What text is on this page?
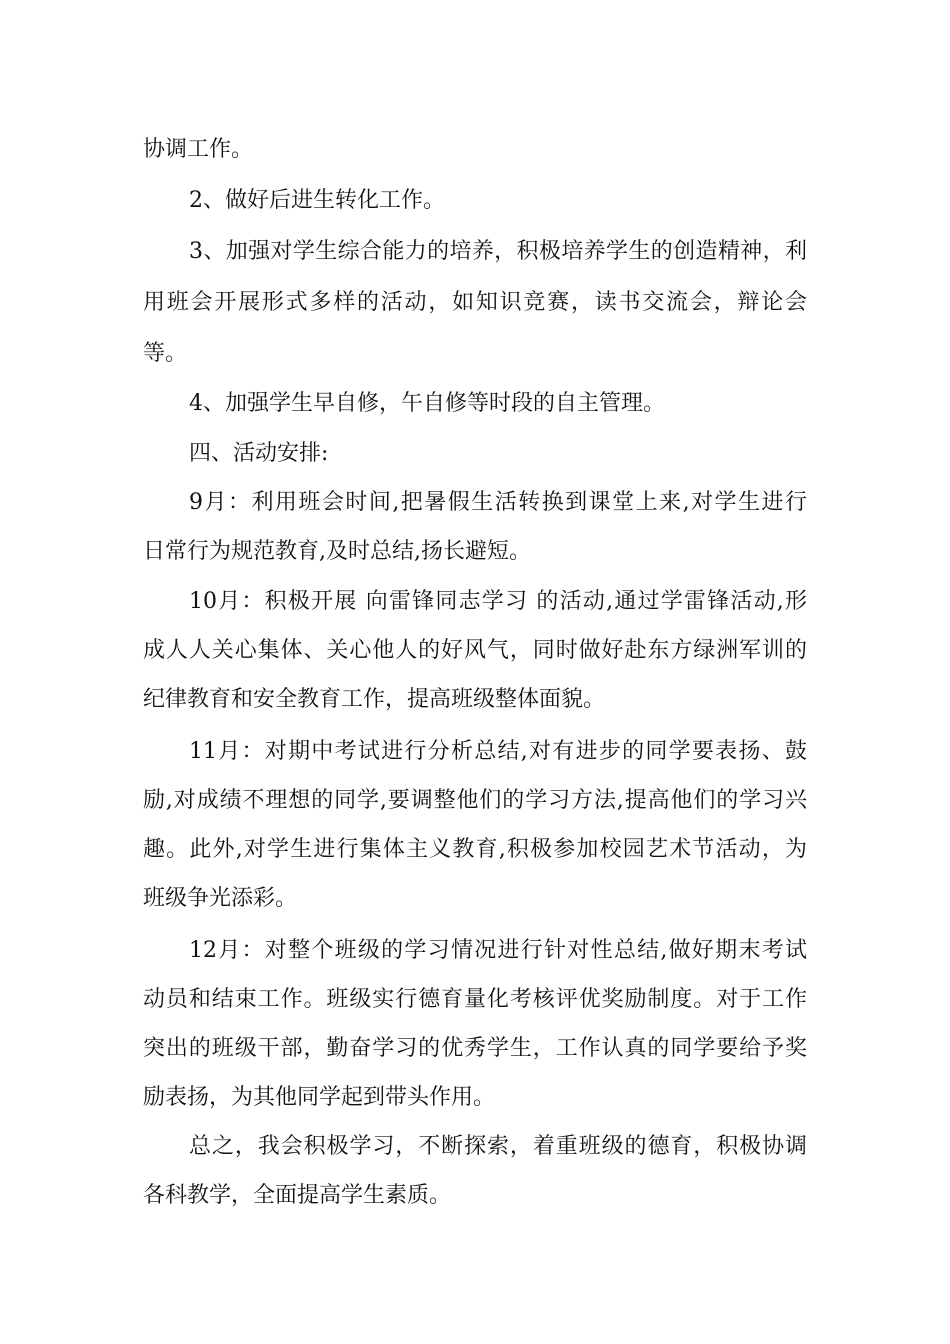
协调工作。
2、做好后进生转化工作。
3、加强对学生综合能力的培养，积极培养学生的创造精神，利
用班会开展形式多样的活动，如知识竞赛，读书交流会，辩论会
等。
4、加强学生早自修，午自修等时段的自主管理。
四、活动安排:
9月：利用班会时间,把暑假生活转换到课堂上来,对学生进行
日常行为规范教育,及时总结,扬长避短。
10月：积极开展 向雷锋同志学习 的活动,通过学雷锋活动,形
成人人关心集体、关心他人的好风气，同时做好赴东方绿洲军训的
纪律教育和安全教育工作，提高班级整体面貌。
11月：对期中考试进行分析总结,对有进步的同学要表扬、鼓
励,对成绩不理想的同学,要调整他们的学习方法,提高他们的学习兴
趣。此外,对学生进行集体主义教育,积极参加校园艺术节活动，为
班级争光添彩。
12月：对整个班级的学习情况进行针对性总结,做好期末考试
动员和结束工作。班级实行德育量化考核评优奖励制度。对于工作
突出的班级干部，勤奋学习的优秀学生，工作认真的同学要给予奖
励表扬，为其他同学起到带头作用。
总之，我会积极学习，不断探索，着重班级的德育，积极协调
各科教学，全面提高学生素质。
